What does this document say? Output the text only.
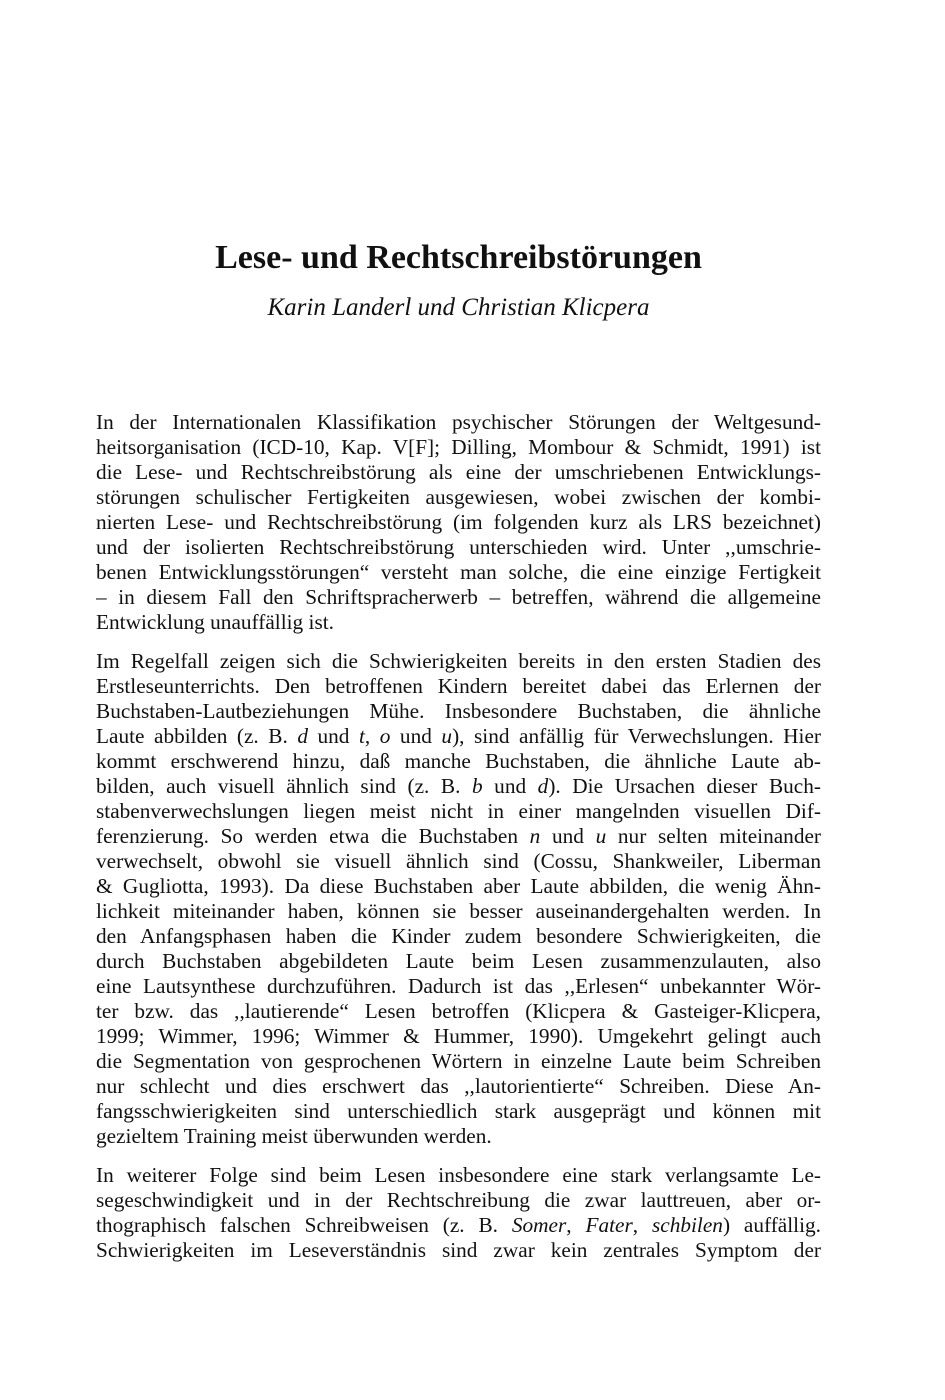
Lese- und Rechtschreibstörungen
Karin Landerl und Christian Klicpera
In der Internationalen Klassifikation psychischer Störungen der Weltgesund-
heitsorganisation (ICD-10, Kap. V[F]; Dilling, Mombour & Schmidt, 1991) ist
die Lese- und Rechtschreibstörung als eine der umschriebenen Entwicklungs-
störungen schulischer Fertigkeiten ausgewiesen, wobei zwischen der kombi-
nierten Lese- und Rechtschreibstörung (im folgenden kurz als LRS bezeichnet)
und der isolierten Rechtschreibstörung unterschieden wird. Unter ,,umschrie-
benen Entwicklungsstörungen“ versteht man solche, die eine einzige Fertigkeit
– in diesem Fall den Schriftspracherwerb – betreffen, während die allgemeine
Entwicklung unauffällig ist.
Im Regelfall zeigen sich die Schwierigkeiten bereits in den ersten Stadien des
Erstleseunterrichts. Den betroffenen Kindern bereitet dabei das Erlernen der
Buchstaben-Lautbeziehungen Mühe. Insbesondere Buchstaben, die ähnliche
Laute abbilden (z. B. d und t, o und u), sind anfällig für Verwechslungen. Hier
kommt erschwerend hinzu, daß manche Buchstaben, die ähnliche Laute ab-
bilden, auch visuell ähnlich sind (z. B. b und d). Die Ursachen dieser Buch-
stabenverwechslungen liegen meist nicht in einer mangelnden visuellen Dif-
ferenzierung. So werden etwa die Buchstaben n und u nur selten miteinander
verwechselt, obwohl sie visuell ähnlich sind (Cossu, Shankweiler, Liberman
& Gugliotta, 1993). Da diese Buchstaben aber Laute abbilden, die wenig Ähn-
lichkeit miteinander haben, können sie besser auseinandergehalten werden. In
den Anfangsphasen haben die Kinder zudem besondere Schwierigkeiten, die
durch Buchstaben abgebildeten Laute beim Lesen zusammenzulauten, also
eine Lautsynthese durchzuführen. Dadurch ist das ,,Erlesen“ unbekannter Wör-
ter bzw. das ,,lautierende“ Lesen betroffen (Klicpera & Gasteiger-Klicpera,
1999; Wimmer, 1996; Wimmer & Hummer, 1990). Umgekehrt gelingt auch
die Segmentation von gesprochenen Wörtern in einzelne Laute beim Schreiben
nur schlecht und dies erschwert das ,,lautorientierte“ Schreiben. Diese An-
fangsschwierigkeiten sind unterschiedlich stark ausgeprägt und können mit
gezieltem Training meist überwunden werden.
In weiterer Folge sind beim Lesen insbesondere eine stark verlangsamte Le-
segeschwindigkeit und in der Rechtschreibung die zwar lauttreuen, aber or-
thographisch falschen Schreibweisen (z. B. Somer, Fater, schbilen) auffällig.
Schwierigkeiten im Leseverständnis sind zwar kein zentrales Symptom der
